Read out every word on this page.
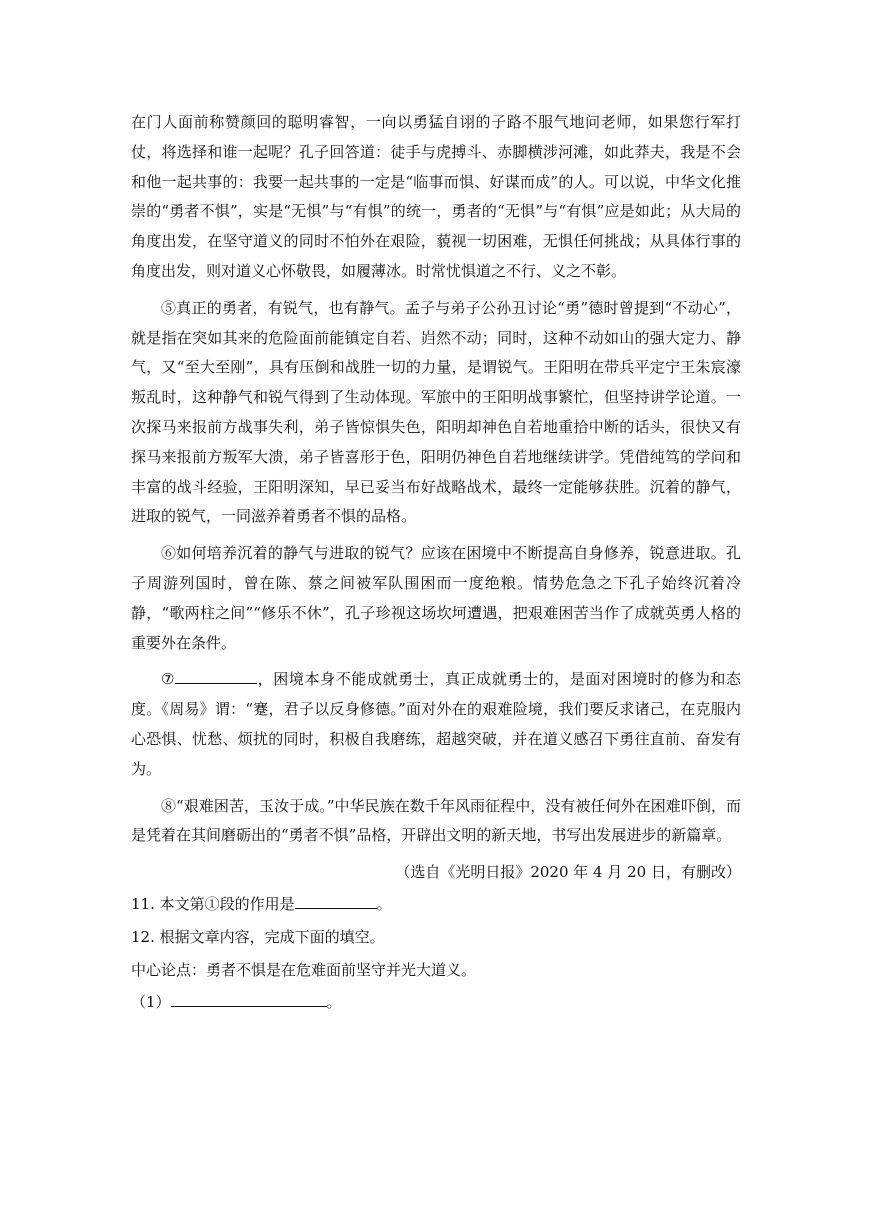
在门人面前称赞颜回的聪明睿智，一向以勇猛自诩的子路不服气地问老师，如果您行军打仗，将选择和谁一起呢？孔子回答道：徒手与虎搏斗、赤脚横涉河滩，如此莽夫，我是不会和他一起共事的：我要一起共事的一定是“临事而惧、好谋而成”的人。可以说，中华文化推崇的“勇者不惧”，实是“无惧”与“有惧”的统一，勇者的“无惧”与“有惧”应是如此；从大局的角度出发，在坚守道义的同时不怕外在艰险，藐视一切困难，无惧任何挑战；从具体行事的角度出发，则对道义心怀敬畏，如履薄冰。时常忧惧道之不行、义之不彰。

⑤真正的勇者，有锐气，也有静气。孟子与弟子公孙丑讨论“勇”德时曾提到“不动心”，就是指在突如其来的危险面前能镇定自若、岿然不动；同时，这种不动如山的强大定力、静气，又“至大至刚”，具有压倒和战胜一切的力量，是谓锐气。王阳明在带兵平定宁王朱宸濠叛乱时，这种静气和锐气得到了生动体现。军旅中的王阳明战事繁忙，但坚持讲学论道。一次探马来报前方战事失利，弟子皆惊惧失色，阳明却神色自若地重拾中断的话头，很快又有探马来报前方叛军大溃，弟子皆喜形于色，阳明仍神色自若地继续讲学。凭借纯笃的学问和丰富的战斗经验，王阳明深知，早已妥当布好战略战术，最终一定能够获胜。沉着的静气，进取的锐气，一同滋养着勇者不惧的品格。

⑥如何培养沉着的静气与进取的锐气？应该在困境中不断提高自身修养，锐意进取。孔子周游列国时，曾在陈、蔡之间被军队围困而一度绝粮。情势危急之下孔子始终沉着冷静，“歌两柱之间”“修乐不休”，孔子珍视这场坎坷遭遇，把艰难困苦当作了成就英勇人格的重要外在条件。

⑦	，困境本身不能成就勇士，真正成就勇士的，是面对困境时的修为和态度。《周易》谓：“蹇，君子以反身修德。”面对外在的艰难险境，我们要反求诸己，在克服内心恐惧、忧愁、烦扰的同时，积极自我磨练，超越突破，并在道义感召下勇往直前、奋发有为。

⑧“艰难困苦，玉汝于成。”中华民族在数千年风雨征程中，没有被任何外在困难吓倒，而是凭着在其间磨砺出的“勇者不惧”品格，开辟出文明的新天地，书写出发展进步的新篇章。

（选自《光明日报》2020 年 4 月 20 日，有删改）

11. 本文第①段的作用是	。

12. 根据文章内容，完成下面的填空。

中心论点：勇者不惧是在危难面前坚守并光大道义。

（1）	。
